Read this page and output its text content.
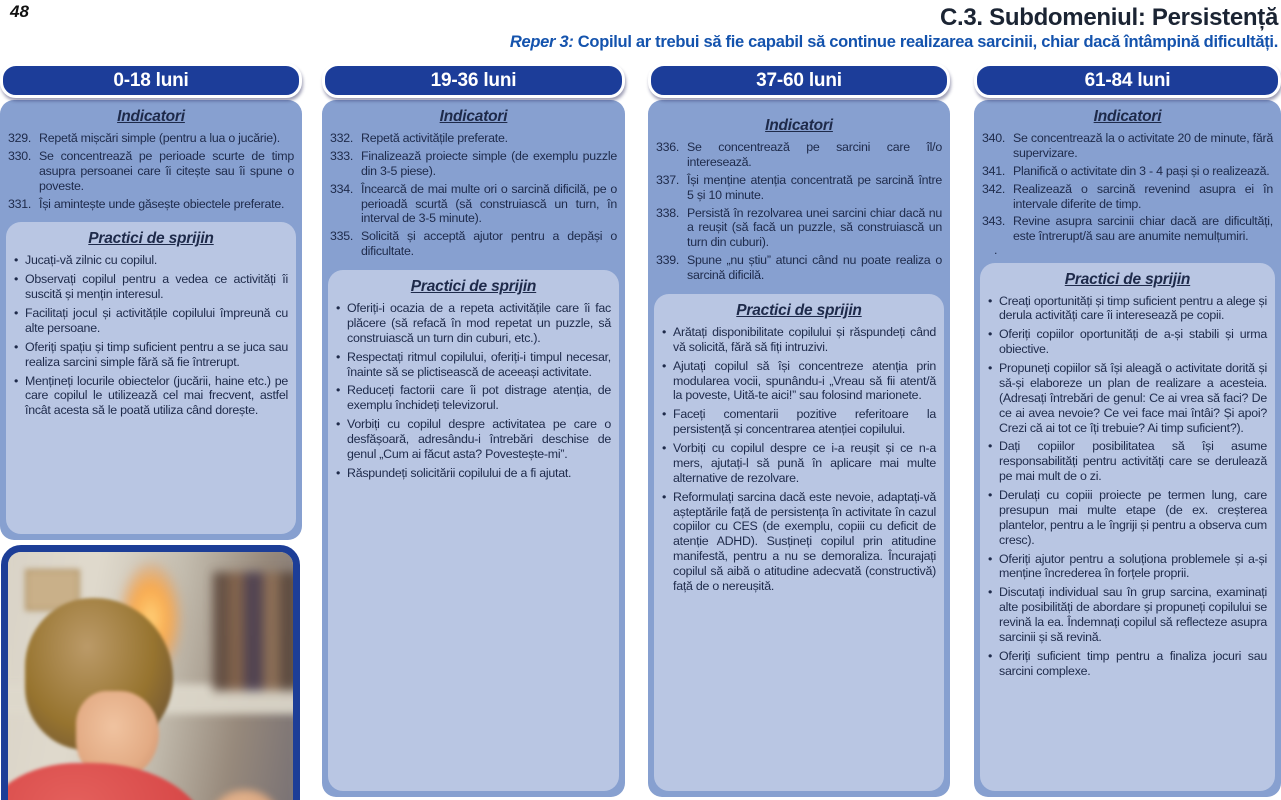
48	C.3. Subdomeniul: Persistență
Reper 3: Copilul ar trebui să fie capabil să continue realizarea sarcinii, chiar dacă întâmpină dificultăți.
0-18 luni
Indicatori
329. Repetă mișcări simple (pentru a lua o jucărie).
330. Se concentrează pe perioade scurte de timp asupra persoanei care îi citește sau îi spune o poveste.
331. Își amintește unde găsește obiectele preferate.
Practici de sprijin
• Jucați-vă zilnic cu copilul.
• Observați copilul pentru a vedea ce activități îi suscită și mențin interesul.
• Facilitați jocul și activitățile copilului împreună cu alte persoane.
• Oferiți spațiu și timp suficient pentru a se juca sau realiza sarcini simple fără să fie întrerupt.
• Mențineți locurile obiectelor (jucării, haine etc.) pe care copilul le utilizează cel mai frecvent, astfel încât acesta să le poată utiliza când dorește.
19-36 luni
Indicatori
332. Repetă activitățile preferate.
333. Finalizează proiecte simple (de exemplu puzzle din 3-5 piese).
334. Încearcă de mai multe ori o sarcină dificilă, pe o perioadă scurtă (să construiască un turn, în interval de 3-5 minute).
335. Solicită și acceptă ajutor pentru a depăși o dificultate.
Practici de sprijin
• Oferiți-i ocazia de a repeta activitățile care îi fac plăcere (să refacă în mod repetat un puzzle, să construiască un turn din cuburi, etc.).
• Respectați ritmul copilului, oferiți-i timpul necesar, înainte să se plictisească de aceeași activitate.
• Reduceți factorii care îi pot distrage atenția, de exemplu închideți televizorul.
• Vorbiți cu copilul despre activitatea pe care o desfășoară, adresându-i întrebări deschise de genul „Cum ai făcut asta? Povestește-mi”.
• Răspundeți solicitării copilului de a fi ajutat.
37-60 luni
Indicatori
336. Se concentrează pe sarcini care îl/o interesează.
337. Își menține atenția concentrată pe sarcină între 5 și 10 minute.
338. Persistă în rezolvarea unei sarcini chiar dacă nu a reușit (să facă un puzzle, să construiască un turn din cuburi).
339. Spune „nu știu” atunci când nu poate realiza o sarcină dificilă.
Practici de sprijin
• Arătați disponibilitate copilului și răspundeți când vă solicită, fără să fiți intruzivi.
• Ajutați copilul să își concentreze atenția prin modularea vocii, spunându-i „Vreau să fii atent/ă la poveste, Uită-te aici!” sau folosind marionete.
• Faceți comentarii pozitive referitoare la persistență și concentrarea atenției copilului.
• Vorbiți cu copilul despre ce i-a reușit și ce n-a mers, ajutați-l să pună în aplicare mai multe alternative de rezolvare.
• Reformulați sarcina dacă este nevoie, adaptați-vă așteptările față de persistența în activitate în cazul copiilor cu CES (de exemplu, copiii cu deficit de atenție ADHD). Susțineți copilul prin atitudine manifestă, pentru a nu se demoraliza. Încurajați copilul să aibă o atitudine adecvată (constructivă) față de o nereușită.
61-84 luni
Indicatori
340. Se concentrează la o activitate 20 de minute, fără supervizare.
341. Planifică o activitate din 3 - 4 pași și o realizează.
342. Realizează o sarcină revenind asupra ei în intervale diferite de timp.
343. Revine asupra sarcinii chiar dacă are dificultăți, este întrerupt/ă sau are anumite nemulțumiri.
.
Practici de sprijin
• Creați oportunități și timp suficient pentru a alege și derula activități care îi interesează pe copii.
• Oferiți copiilor oportunități de a-și stabili și urma obiective.
• Propuneți copiilor să își aleagă o activitate dorită și să-și elaboreze un plan de realizare a acesteia. (Adresați întrebări de genul: Ce ai vrea să faci? De ce ai avea nevoie? Ce vei face mai întâi? Și apoi? Crezi că ai tot ce îți trebuie? Ai timp suficient?).
• Dați copiilor posibilitatea să își asume responsabilități pentru activități care se derulează pe mai mult de o zi.
• Derulați cu copiii proiecte pe termen lung, care presupun mai multe etape (de ex. creșterea plantelor, pentru a le îngriji și pentru a observa cum cresc).
• Oferiți ajutor pentru a soluționa problemele și a-și menține încrederea în forțele proprii.
• Discutați individual sau în grup sarcina, examinați alte posibilități de abordare și propuneți copilului se revină la ea. Îndemnați copilul să reflecteze asupra sarcinii și să revină.
• Oferiți suficient timp pentru a finaliza jocuri sau sarcini complexe.
